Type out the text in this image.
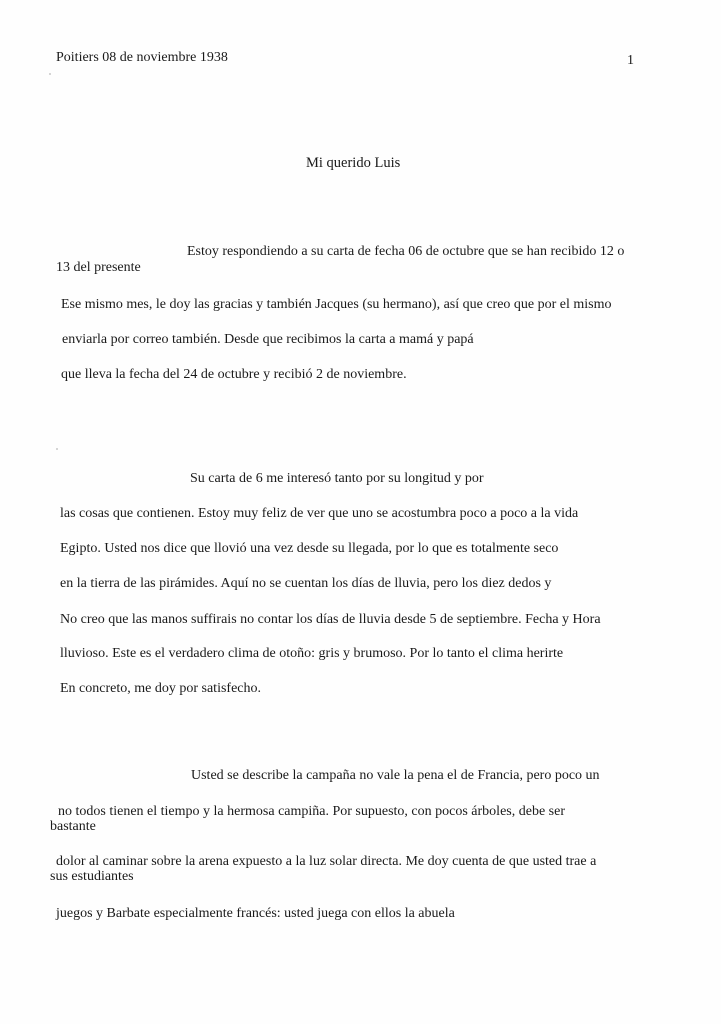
Poitiers 08 de noviembre 1938	1
Mi querido Luis
Estoy respondiendo a su carta de fecha 06 de octubre que se han recibido 12 o
13 del presente
Ese mismo mes, le doy las gracias y también Jacques (su hermano), así que creo que por el mismo
enviarla por correo también. Desde que recibimos la carta a mamá y papá
que lleva la fecha del 24 de octubre y recibió 2 de noviembre.
Su carta de 6 me interesó tanto por su longitud y por
las cosas que contienen. Estoy muy feliz de ver que uno se acostumbra poco a poco a la vida
Egipto. Usted nos dice que llovió una vez desde su llegada, por lo que es totalmente seco
en la tierra de las pirámides. Aquí no se cuentan los días de lluvia, pero los diez dedos y
No creo que las manos suffirais no contar los días de lluvia desde 5 de septiembre. Fecha y Hora
lluvioso. Este es el verdadero clima de otoño: gris y brumoso. Por lo tanto el clima herirte
En concreto, me doy por satisfecho.
Usted se describe la campaña no vale la pena el de Francia, pero poco un
no todos tienen el tiempo y la hermosa campiña. Por supuesto, con pocos árboles, debe ser
bastante
dolor al caminar sobre la arena expuesto a la luz solar directa. Me doy cuenta de que usted trae a
sus estudiantes
juegos y Barbate especialmente francés: usted juega con ellos la abuela
